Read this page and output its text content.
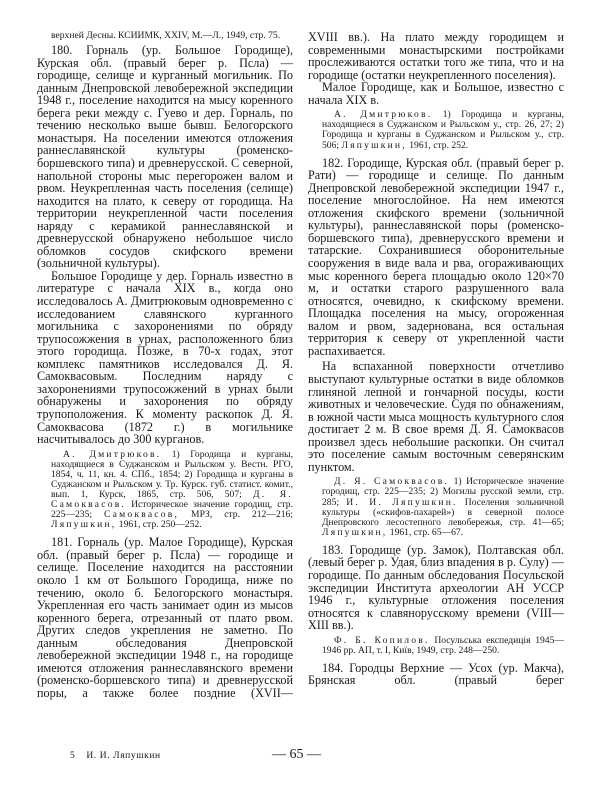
верхней Десны. КСИИМК, XXIV, М.—Л., 1949, стр. 75.

180. Горналь (ур. Большое Городище), Курская обл. (правый берег р. Псла) — городище, селище и курганный могильник. По данным Днепровской левобережной экспедиции 1948 г., поселение находится на мысу коренного берега реки между с. Гуево и дер. Горналь, по течению несколько выше бывш. Белогорского монастыря. На поселении имеются отложения раннеславянской культуры (роменско-боршевского типа) и древнерусской. С северной, напольной стороны мыс перегорожен валом и рвом. Неукрепленная часть поселения (селище) находится на плато, к северу от городища. На территории неукрепленной части поселения наряду с керамикой раннеславянской и древнерусской обнаружено небольшое число обломков сосудов скифского времени (зольничной культуры).

Большое Городище у дер. Горналь известно в литературе с начала XIX в., когда оно исследовалось А. Дмитрюковым одновременно с исследованием славянского курганного могильника с захоронениями по обряду трупосожжения в урнах, расположенного близ этого городища. Позже, в 70-х годах, этот комплекс памятников исследовался Д. Я. Самоквасовым. Последним наряду с захоронениями трупосожжений в урнах были обнаружены и захоронения по обряду трупоположения. К моменту раскопок Д. Я. Самоквасова (1872 г.) в могильнике насчитывалось до 300 курганов.

А. Дмитрюков. 1) Городища и курганы, находящиеся в Суджанском и Рыльском у. Вестн. РГО, 1854, ч. 11, кн. 4. СПб., 1854; 2) Городища и курганы в Суджанском и Рыльском у. Тр. Курск. губ. статист. комит., вып. 1, Курск, 1865, стр. 506, 507; Д. Я. Самоквасов. Историческое значение городищ, стр. 225—235; Самоквасов, МРЗ, стр. 212—216; Ляпушкин, 1961, стр. 250—252.

181. Горналь (ур. Малое Городище), Курская обл. (правый берег р. Псла) — городище и селище. Поселение находится на расстоянии около 1 км от Большого Городища, ниже по течению, около б. Белогорского монастыря. Укрепленная его часть занимает один из мысов коренного берега, отрезанный от плато рвом. Других следов укрепления не заметно. По данным обследования Днепровской левобережной экспедиции 1948 г., на городище имеются отложения раннеславянского времени (роменско-боршевского типа) и древнерусской поры, а также более поздние (XVII—

XVIII вв.). На плато между городищем и современными монастырскими постройками прослеживаются остатки того же типа, что и на городище (остатки неукрепленного поселения).

Малое Городище, как и Большое, известно с начала XIX в.

А. Дмитрюков. 1) Городища и курганы, находящиеся в Суджанском и Рыльском у., стр. 26, 27; 2) Городища и курганы в Суджанском и Рыльском у., стр. 506; Ляпушкин, 1961, стр. 252.

182. Городище, Курская обл. (правый берег р. Рати) — городище и селище. По данным Днепровской левобережной экспедиции 1947 г., поселение многослойное. На нем имеются отложения скифского времени (зольничной культуры), раннеславянской поры (роменско-боршевского типа), древнерусского времени и татарские. Сохранившиеся оборонительные сооружения в виде вала и рва, огораживающих мыс коренного берега площадью около 120×70 м, и остатки старого разрушенного вала относятся, очевидно, к скифскому времени. Площадка поселения на мысу, огороженная валом и рвом, задернована, вся остальная территория к северу от укрепленной части распахивается.

На вспаханной поверхности отчетливо выступают культурные остатки в виде обломков глиняной лепной и гончарной посуды, кости животных и человеческие. Судя по обнажениям, в южной части мыса мощность культурного слоя достигает 2 м. В свое время Д. Я. Самоквасов произвел здесь небольшие раскопки. Он считал это поселение самым восточным северянским пунктом.

Д. Я. Самоквасов. 1) Историческое значение городищ, стр. 225—235; 2) Могилы русской земли, стр. 285; И. И. Ляпушкин. Поселения зольничной культуры («скифов-пахарей») в северной полосе Днепровского лесостепного левобережья, стр. 41—65; Ляпушкин, 1961, стр. 65—67.

183. Городище (ур. Замок), Полтавская обл. (левый берег р. Удая, близ впадения в р. Сулу) — городище. По данным обследования Посульской экспедиции Института археологии АН УССР 1946 г., культурные отложения поселения относятся к славянорусскому времени (VIII—XIII вв.).

Ф. Б. Копилов. Посульська експедиція 1945—1946 рр. АП, т. I, Київ, 1949, стр. 248—250.

184. Городцы Верхние — Усох (ур. Макча), Брянская обл. (правый берег

5 И. И. Ляпушкин	— 65 —
